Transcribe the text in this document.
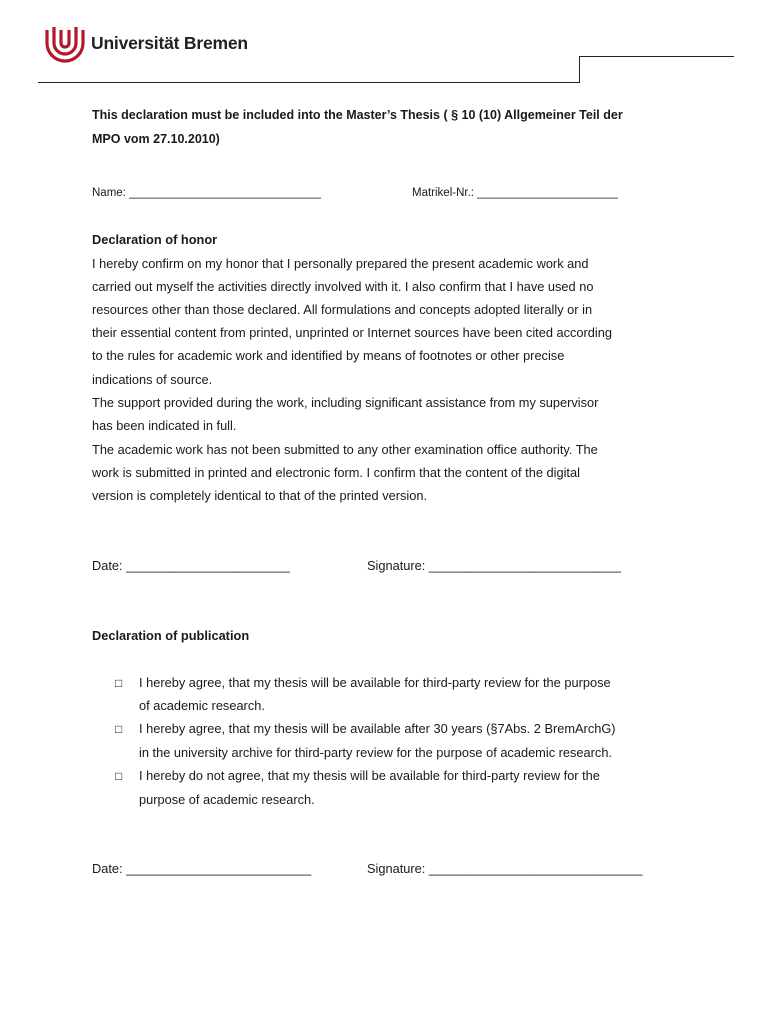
Universität Bremen
This declaration must be included into the Master’s Thesis ( § 10 (10) Allgemeiner Teil der
MPO vom 27.10.2010)
Name: ______________________________	Matrikel-Nr.: ______________________
Declaration of honor
I hereby confirm on my honor that I personally prepared the present academic work and
carried out myself the activities directly involved with it. I also confirm that I have used no
resources other than those declared. All formulations and concepts adopted literally or in
their essential content from printed, unprinted or Internet sources have been cited according
to the rules for academic work and identified by means of footnotes or other precise
indications of source.
The support provided during the work, including significant assistance from my supervisor
has been indicated in full.
The academic work has not been submitted to any other examination office authority. The
work is submitted in printed and electronic form. I confirm that the content of the digital
version is completely identical to that of the printed version.
Date: _______________________	Signature: ___________________________
Declaration of publication
□ I hereby agree, that my thesis will be available for third-party review for the purpose
of academic research.
□ I hereby agree, that my thesis will be available after 30 years (§7Abs. 2 BremArchG)
in the university archive for third-party review for the purpose of academic research.
□ I hereby do not agree, that my thesis will be available for third-party review for the
purpose of academic research.
Date: __________________________	Signature: ______________________________
